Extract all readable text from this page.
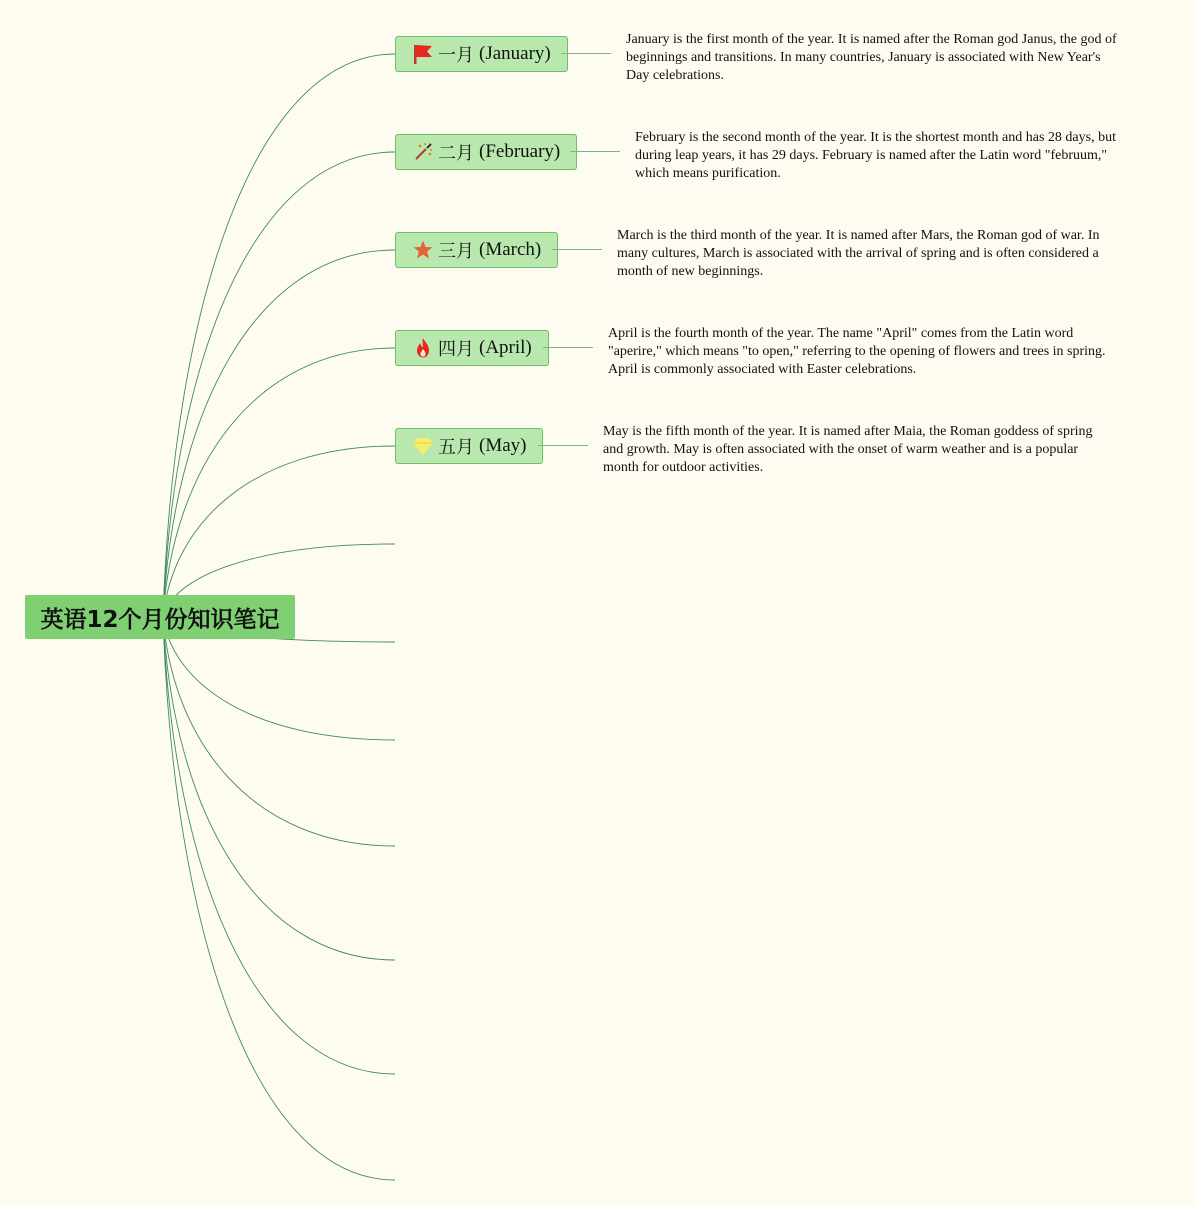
英语12个月份知识笔记
一月 (January)
二月 (February)
三月 (March)
四月 (April)
五月 (May)
January is the first month of the year. It is named after the Roman god Janus, the god of beginnings and transitions. In many countries, January is associated with New Year's Day celebrations.
February is the second month of the year. It is the shortest month and has 28 days, but during leap years, it has 29 days. February is named after the Latin word "februum," which means purification.
March is the third month of the year. It is named after Mars, the Roman god of war. In many cultures, March is associated with the arrival of spring and is often considered a month of new beginnings.
April is the fourth month of the year. The name "April" comes from the Latin word "aperire," which means "to open," referring to the opening of flowers and trees in spring. April is commonly associated with Easter celebrations.
May is the fifth month of the year. It is named after Maia, the Roman goddess of spring and growth. May is often associated with the onset of warm weather and is a popular month for outdoor activities.
